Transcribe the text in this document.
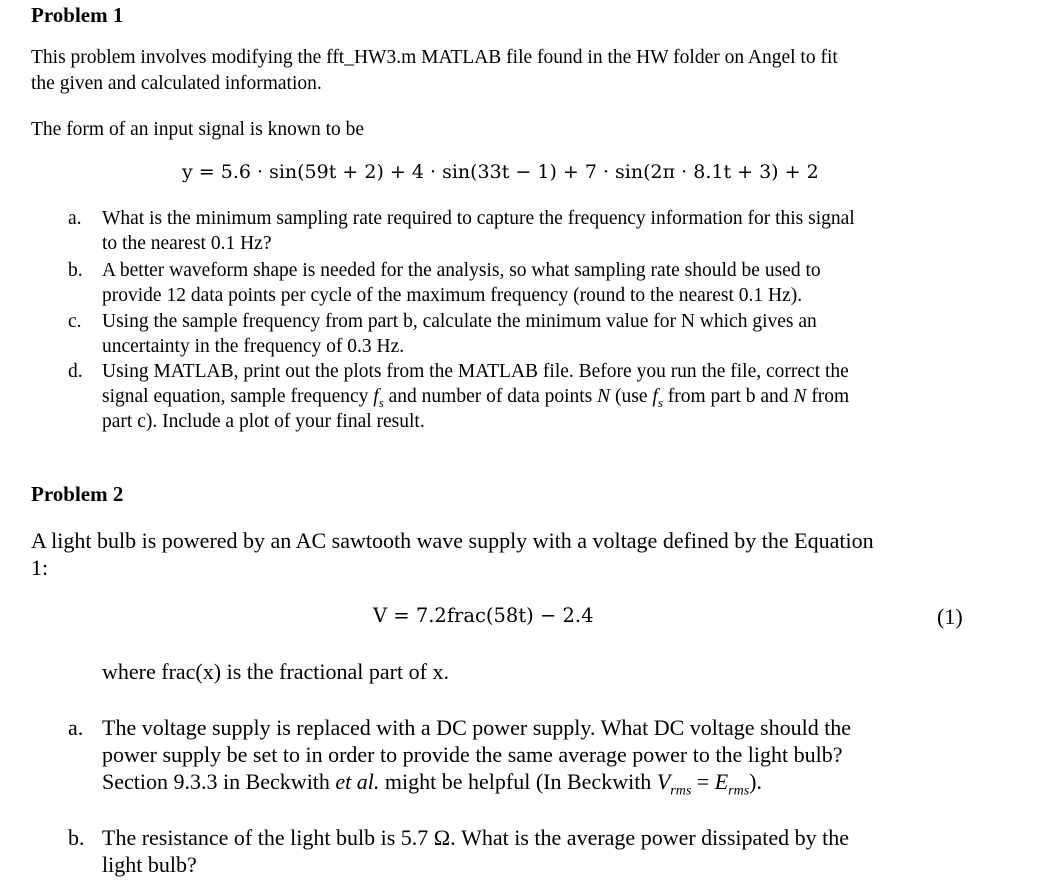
Problem 1
This problem involves modifying the fft_HW3.m MATLAB file found in the HW folder on Angel to fit
the given and calculated information.
The form of an input signal is known to be
y = 5.6 · sin(59t + 2) + 4 · sin(33t − 1) + 7 · sin(2π · 8.1t + 3) + 2
a. What is the minimum sampling rate required to capture the frequency information for this signal
to the nearest 0.1 Hz?
b. A better waveform shape is needed for the analysis, so what sampling rate should be used to
provide 12 data points per cycle of the maximum frequency (round to the nearest 0.1 Hz).
c. Using the sample frequency from part b, calculate the minimum value for N which gives an
uncertainty in the frequency of 0.3 Hz.
d. Using MATLAB, print out the plots from the MATLAB file. Before you run the file, correct the
signal equation, sample frequency $f_s$ and number of data points N (use $f_s$ from part b and N from
part c). Include a plot of your final result.
Problem 2
A light bulb is powered by an AC sawtooth wave supply with a voltage defined by the Equation
1:
V = 7.2frac(58t) − 2.4	(1)
where frac(x) is the fractional part of x.
a. The voltage supply is replaced with a DC power supply. What DC voltage should the
power supply be set to in order to provide the same average power to the light bulb?
Section 9.3.3 in Beckwith et al. might be helpful (In Beckwith $V_{rms} = E_{rms}$).
b. The resistance of the light bulb is 5.7 Ω. What is the average power dissipated by the
light bulb?
